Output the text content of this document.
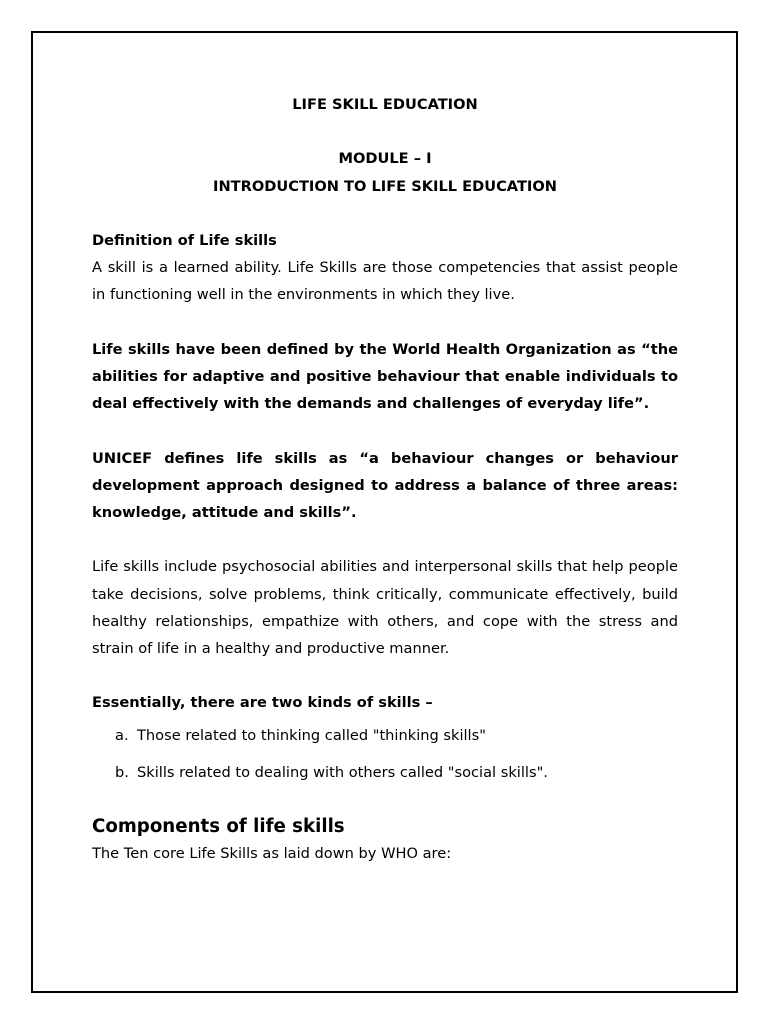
LIFE SKILL EDUCATION
MODULE – I
INTRODUCTION TO LIFE SKILL EDUCATION
Definition of Life skills

A skill is a learned ability. Life Skills are those competencies that assist people in functioning well in the environments in which they live.

Life skills have been defined by the World Health Organization as “the abilities for adaptive and positive behaviour that enable individuals to deal effectively with the demands and challenges of everyday life”.

UNICEF defines life skills as “a behaviour changes or behaviour development approach designed to address a balance of three areas: knowledge, attitude and skills”.

Life skills include psychosocial abilities and interpersonal skills that help people take decisions, solve problems, think critically, communicate effectively, build healthy relationships, empathize with others, and cope with the stress and strain of life in a healthy and productive manner.

Essentially, there are two kinds of skills –
a. Those related to thinking called "thinking skills"
b. Skills related to dealing with others called "social skills".
Components of life skills

The Ten core Life Skills as laid down by WHO are:
